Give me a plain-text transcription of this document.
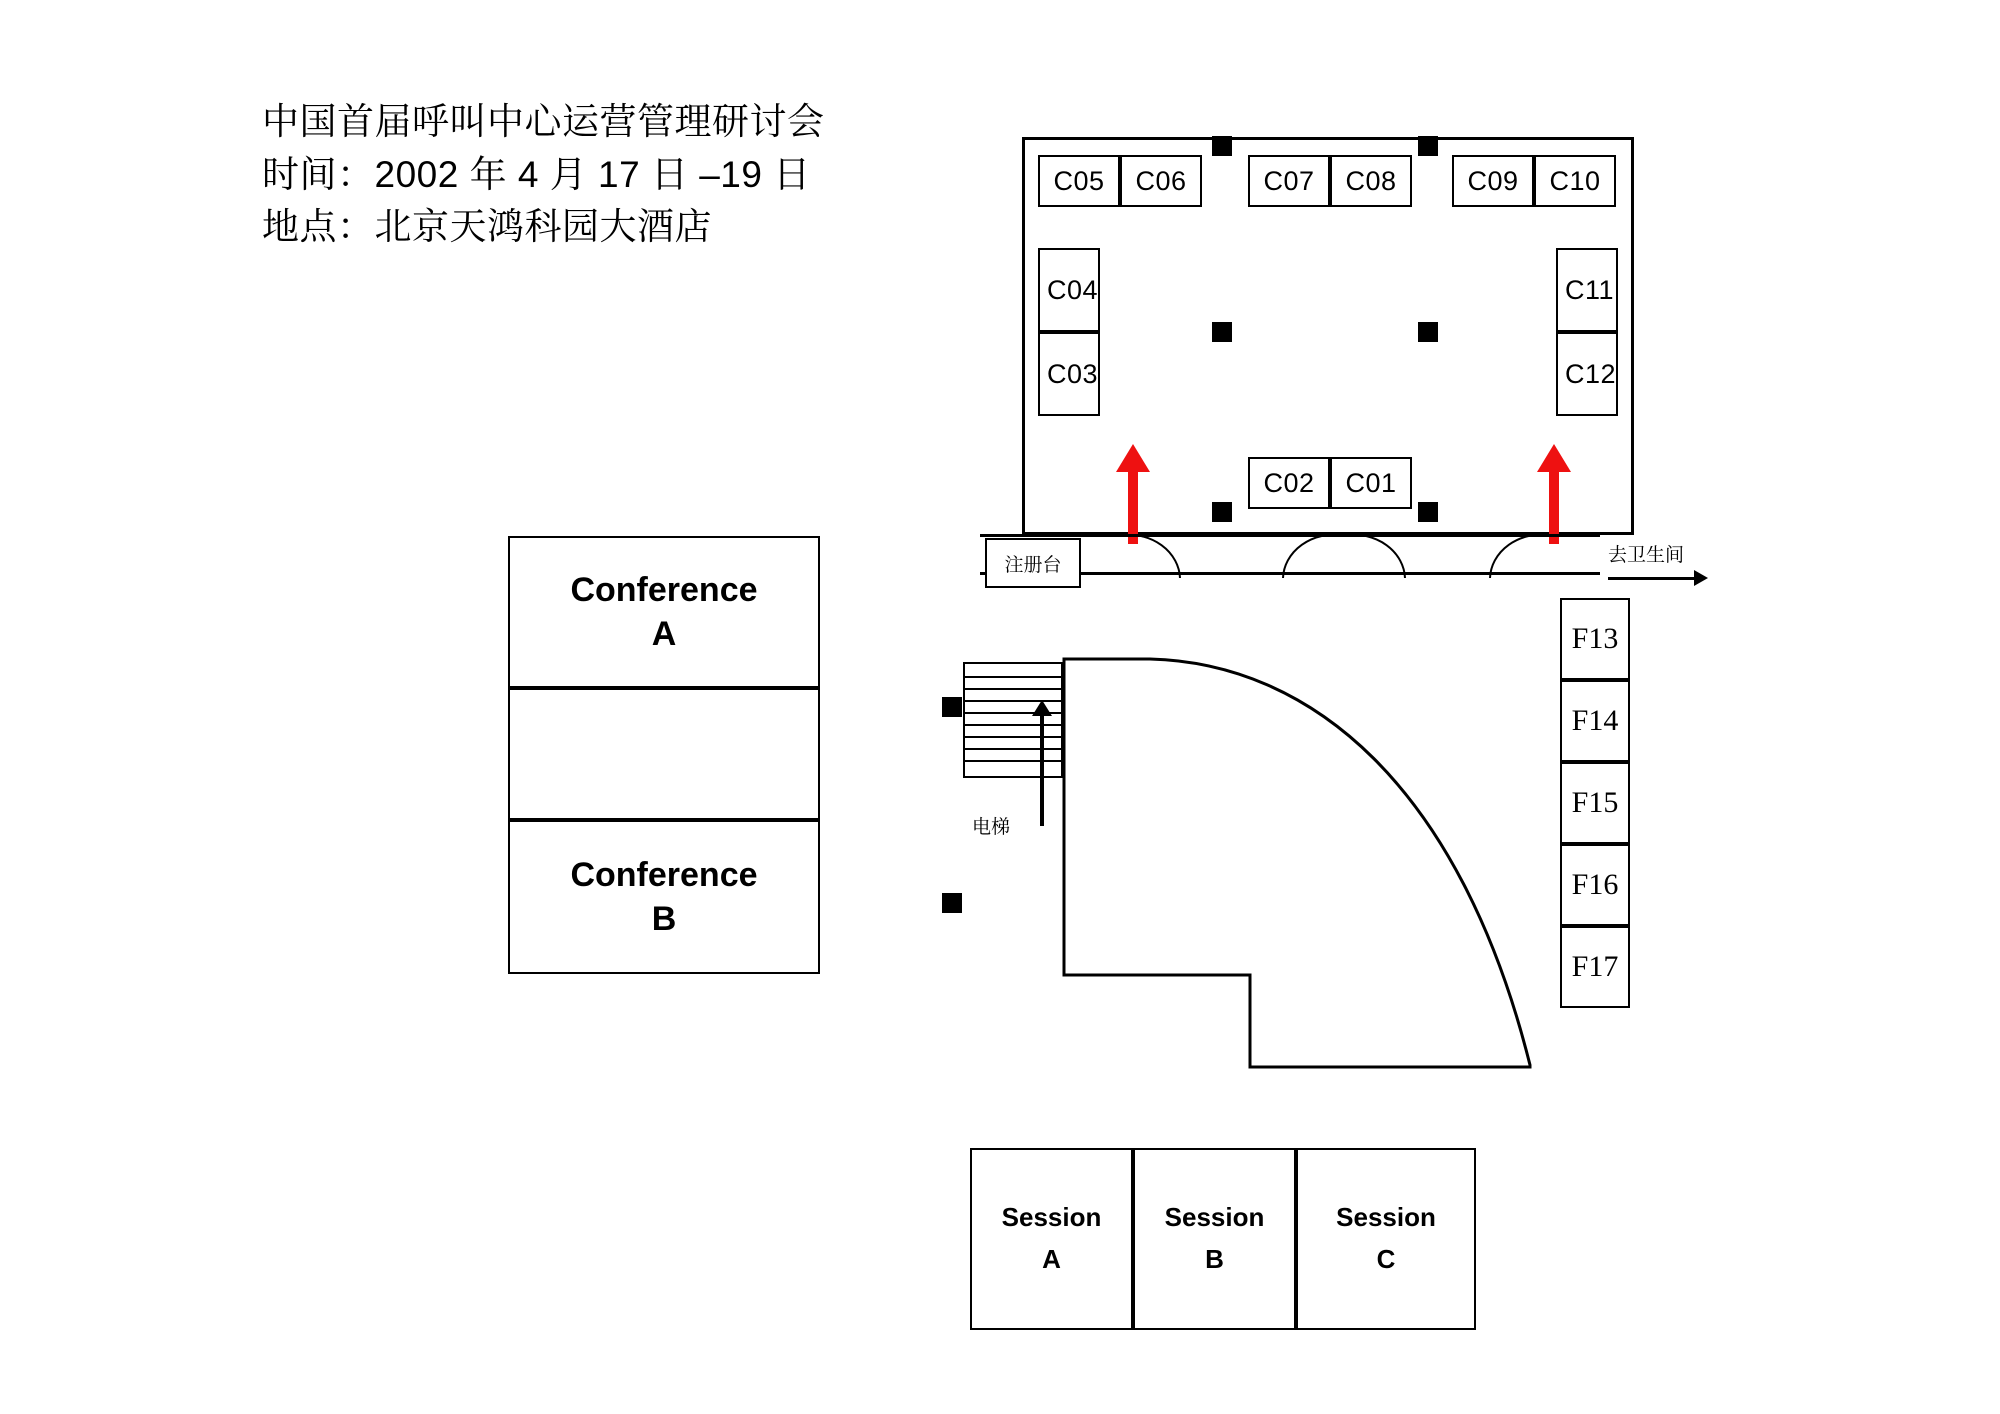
中国首届呼叫中心运营管理研讨会
时间：2002 年 4 月 17 日 –19 日
地点：北京天鸿科园大酒店
C05 C06	C07 C08	C09 C10
C04
C03
C11
C12
C02 C01
注册台	去卫生间
F13
F14
F15
F16
F17
电梯
Conference
A
Conference
B
Session
A
Session
B
Session
C
